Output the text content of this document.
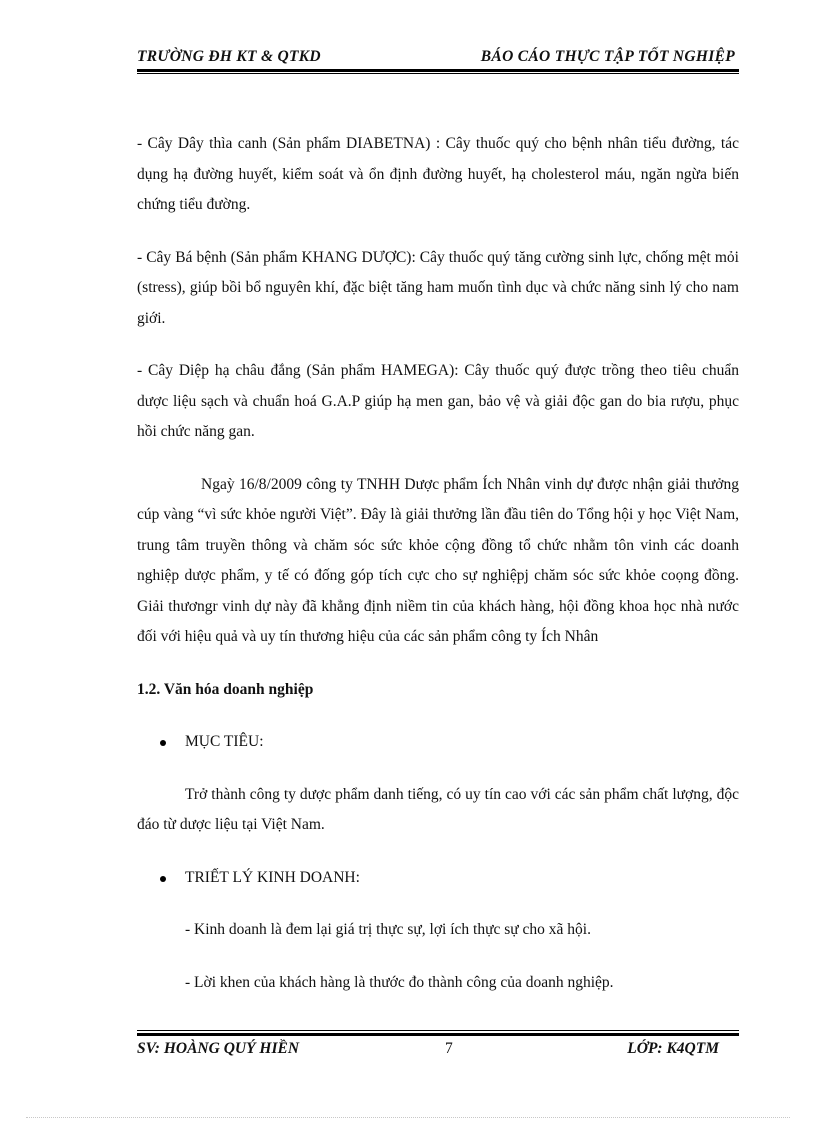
TRƯỜNG ĐH KT & QTKD	BÁO CÁO THỰC TẬP TỐT NGHIỆP

- Cây Dây thìa canh (Sản phẩm DIABETNA) : Cây thuốc quý cho bệnh nhân tiểu đường, tác dụng hạ đường huyết, kiểm soát và ổn định đường huyết, hạ cholesterol máu, ngăn ngừa biến chứng tiểu đường.

- Cây Bá bệnh (Sản phẩm KHANG DƯỢC): Cây thuốc quý tăng cường sinh lực, chống mệt mỏi (stress), giúp bồi bổ nguyên khí, đặc biệt tăng ham muốn tình dục và chức năng sinh lý cho nam giới.

- Cây Diệp hạ châu đắng (Sản phẩm HAMEGA): Cây thuốc quý được trồng theo tiêu chuẩn dược liệu sạch và chuẩn hoá G.A.P giúp hạ men gan, bảo vệ và giải độc gan do bia rượu, phục hồi chức năng gan.

Ngaỳ 16/8/2009 công ty TNHH Dược phẩm Ích Nhân vinh dự được nhận giải thưởng cúp vàng “vì sức khỏe người Việt”. Đây là giải thưởng lần đầu tiên do Tổng hội y học Việt Nam, trung tâm truyền thông và chăm sóc sức khỏe cộng đồng tổ chức nhằm tôn vinh các doanh nghiệp dược phẩm, y tế có đống góp tích cực cho sự nghiệpj chăm sóc sức khỏe coọng đồng. Giải thươngr vinh dự này đã khẳng định niềm tin của khách hàng, hội đồng khoa học nhà nước đối với hiệu quả và uy tín thương hiệu của các sản phẩm công ty Ích Nhân

1.2. Văn hóa doanh nghiệp

MỤC TIÊU:

Trở thành công ty dược phẩm danh tiếng, có uy tín cao với các sản phẩm chất lượng, độc đáo từ dược liệu tại Việt Nam.

TRIẾT LÝ KINH DOANH:

- Kinh doanh là đem lại giá trị thực sự, lợi ích thực sự cho xã hội.

- Lời khen của khách hàng là thước đo thành công của doanh nghiệp.

SV: HOÀNG QUÝ HIỀN	7	LỚP: K4QTM
